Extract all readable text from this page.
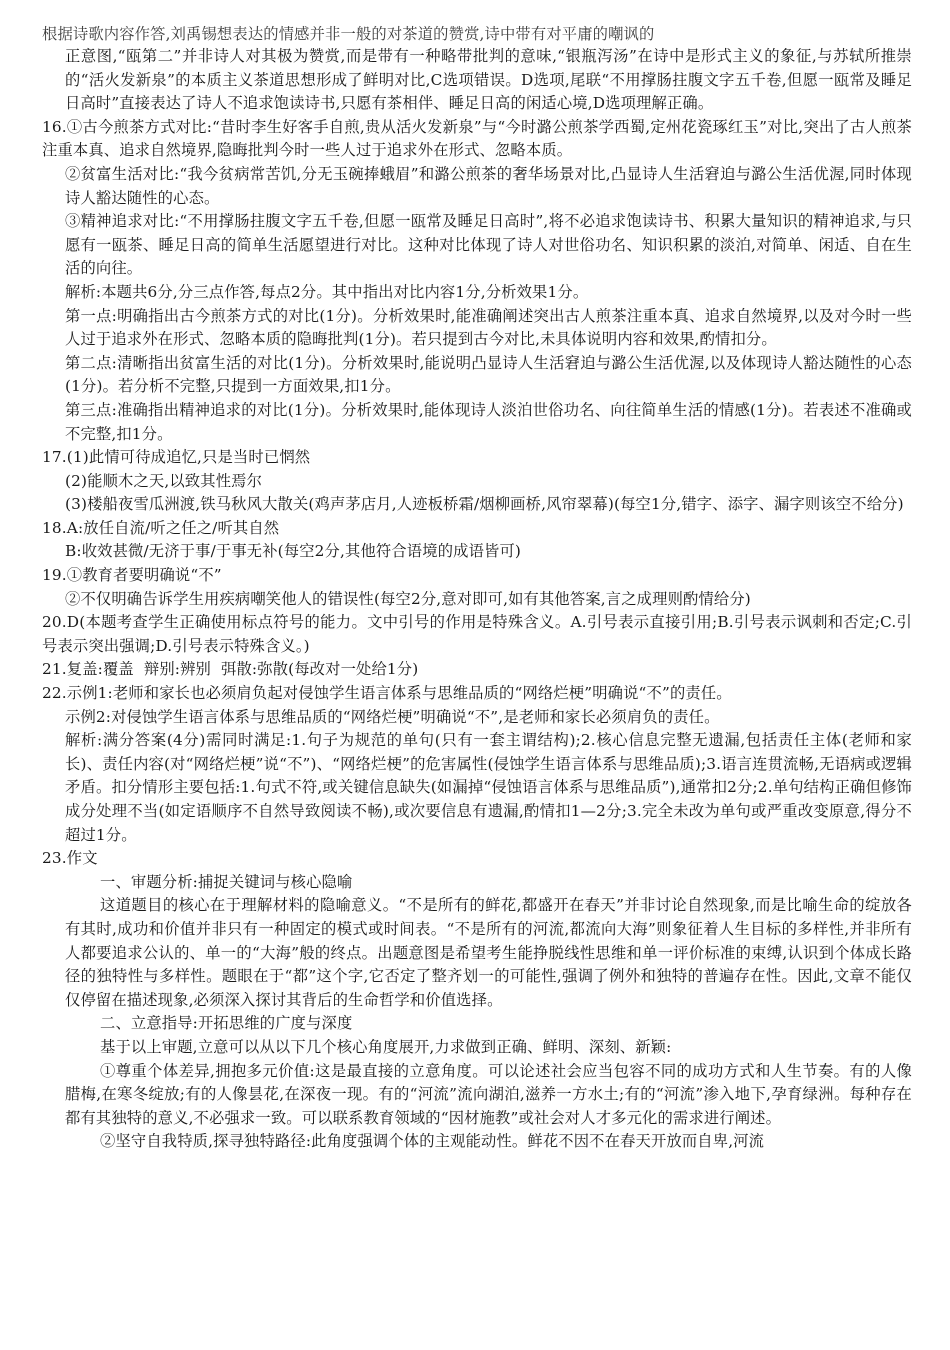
根据诗歌内容作答,刘禹锡想表达的情感并非一般的对茶道的赞赏,诗中带有对平庸的嘲讽的

正意图,“瓯第二”并非诗人对其极为赞赏,而是带有一种略带批判的意味,“银瓶泻汤”在诗中是形式主义的象征,与苏轼所推崇的“活火发新泉”的本质主义茶道思想形成了鲜明对比,C选项错误。D选项,尾联“不用撑肠拄腹文字五千卷,但愿一瓯常及睡足日高时”直接表达了诗人不追求饱读诗书,只愿有茶相伴、睡足日高的闲适心境,D选项理解正确。

16.①古今煎茶方式对比:“昔时李生好客手自煎,贵从活火发新泉”与“今时潞公煎茶学西蜀,定州花瓷琢红玉”对比,突出了古人煎茶注重本真、追求自然境界,隐晦批判今时一些人过于追求外在形式、忽略本质。

②贫富生活对比:“我今贫病常苦饥,分无玉碗捧蛾眉”和潞公煎茶的奢华场景对比,凸显诗人生活窘迫与潞公生活优渥,同时体现诗人豁达随性的心态。

③精神追求对比:“不用撑肠拄腹文字五千卷,但愿一瓯常及睡足日高时”,将不必追求饱读诗书、积累大量知识的精神追求,与只愿有一瓯茶、睡足日高的简单生活愿望进行对比。这种对比体现了诗人对世俗功名、知识积累的淡泊,对简单、闲适、自在生活的向往。

解析:本题共6分,分三点作答,每点2分。其中指出对比内容1分,分析效果1分。

第一点:明确指出古今煎茶方式的对比(1分)。分析效果时,能准确阐述突出古人煎茶注重本真、追求自然境界,以及对今时一些人过于追求外在形式、忽略本质的隐晦批判(1分)。若只提到古今对比,未具体说明内容和效果,酌情扣分。

第二点:清晰指出贫富生活的对比(1分)。分析效果时,能说明凸显诗人生活窘迫与潞公生活优渥,以及体现诗人豁达随性的心态(1分)。若分析不完整,只提到一方面效果,扣1分。

第三点:准确指出精神追求的对比(1分)。分析效果时,能体现诗人淡泊世俗功名、向往简单生活的情感(1分)。若表述不准确或不完整,扣1分。

17.(1)此情可待成追忆,只是当时已惘然

(2)能顺木之天,以致其性焉尔

(3)楼船夜雪瓜洲渡,铁马秋风大散关(鸡声茅店月,人迹板桥霜/烟柳画桥,风帘翠幕)(每空1分,错字、添字、漏字则该空不给分)

18.A:放任自流/听之任之/听其自然

B:收效甚微/无济于事/于事无补(每空2分,其他符合语境的成语皆可)

19.①教育者要明确说“不”

②不仅明确告诉学生用疾病嘲笑他人的错误性(每空2分,意对即可,如有其他答案,言之成理则酌情给分)

20.D(本题考查学生正确使用标点符号的能力。文中引号的作用是特殊含义。A.引号表示直接引用;B.引号表示讽刺和否定;C.引号表示突出强调;D.引号表示特殊含义。)

21.复盖:覆盖  辩别:辨别  弭散:弥散(每改对一处给1分)

22.示例1:老师和家长也必须肩负起对侵蚀学生语言体系与思维品质的“网络烂梗”明确说“不”的责任。

示例2:对侵蚀学生语言体系与思维品质的“网络烂梗”明确说“不”,是老师和家长必须肩负的责任。

解析:满分答案(4分)需同时满足:1.句子为规范的单句(只有一套主谓结构);2.核心信息完整无遗漏,包括责任主体(老师和家长)、责任内容(对“网络烂梗”说“不”)、“网络烂梗”的危害属性(侵蚀学生语言体系与思维品质);3.语言连贯流畅,无语病或逻辑矛盾。扣分情形主要包括:1.句式不符,或关键信息缺失(如漏掉“侵蚀语言体系与思维品质”),通常扣2分;2.单句结构正确但修饰成分处理不当(如定语顺序不自然导致阅读不畅),或次要信息有遗漏,酌情扣1—2分;3.完全未改为单句或严重改变原意,得分不超过1分。

23.作文

一、审题分析:捕捉关键词与核心隐喻

这道题目的核心在于理解材料的隐喻意义。“不是所有的鲜花,都盛开在春天”并非讨论自然现象,而是比喻生命的绽放各有其时,成功和价值并非只有一种固定的模式或时间表。“不是所有的河流,都流向大海”则象征着人生目标的多样性,并非所有人都要追求公认的、单一的“大海”般的终点。出题意图是希望考生能挣脱线性思维和单一评价标准的束缚,认识到个体成长路径的独特性与多样性。题眼在于“都”这个字,它否定了整齐划一的可能性,强调了例外和独特的普遍存在性。因此,文章不能仅仅停留在描述现象,必须深入探讨其背后的生命哲学和价值选择。

二、立意指导:开拓思维的广度与深度

基于以上审题,立意可以从以下几个核心角度展开,力求做到正确、鲜明、深刻、新颖:

①尊重个体差异,拥抱多元价值:这是最直接的立意角度。可以论述社会应当包容不同的成功方式和人生节奏。有的人像腊梅,在寒冬绽放;有的人像昙花,在深夜一现。有的“河流”流向湖泊,滋养一方水土;有的“河流”渗入地下,孕育绿洲。每种存在都有其独特的意义,不必强求一致。可以联系教育领域的“因材施教”或社会对人才多元化的需求进行阐述。

②坚守自我特质,探寻独特路径:此角度强调个体的主观能动性。鲜花不因不在春天开放而自卑,河流
